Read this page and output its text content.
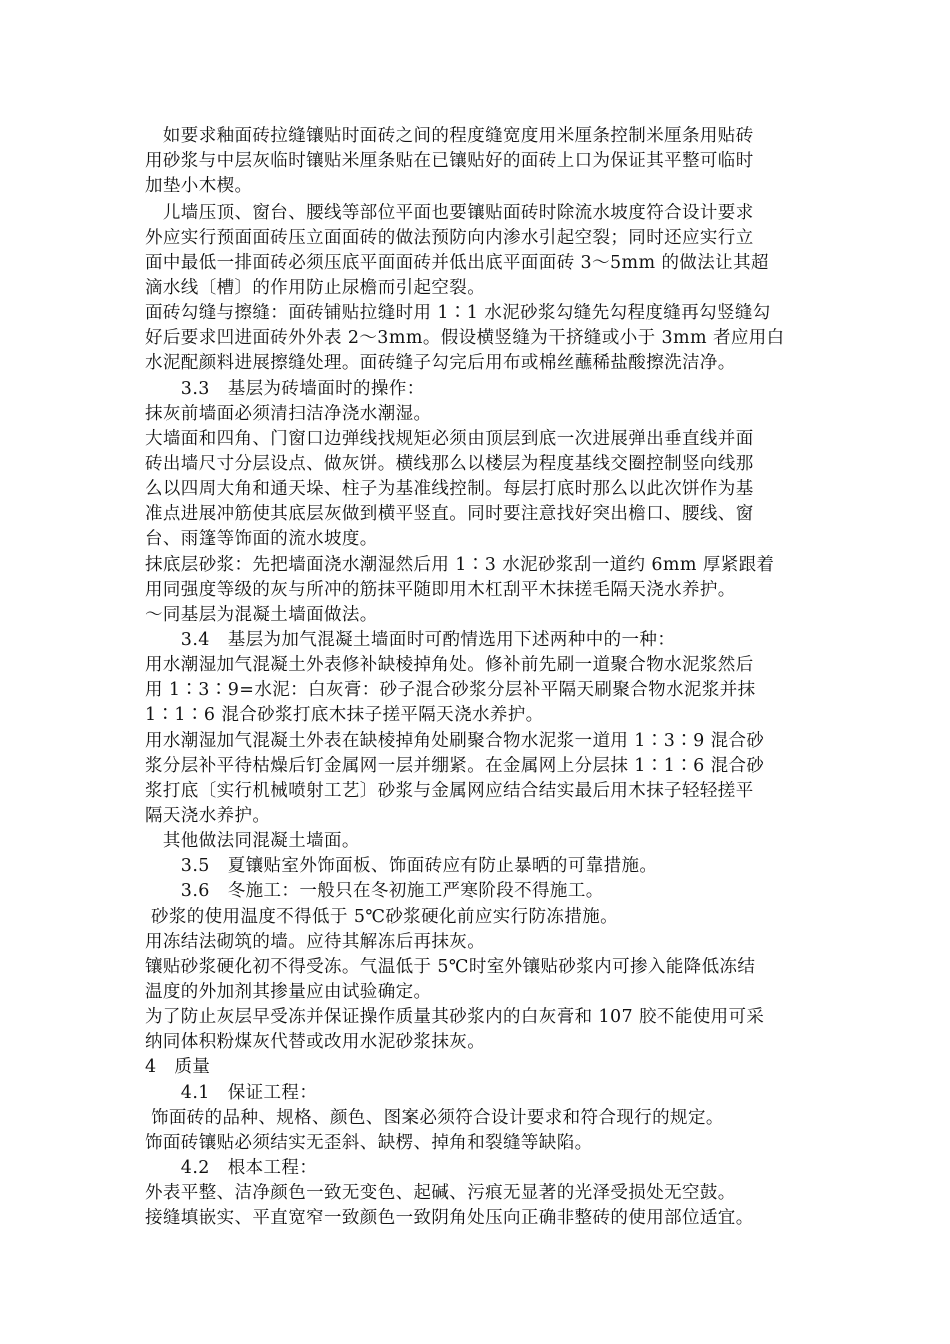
　如要求釉面砖拉缝镶贴时面砖之间的程度缝宽度用米厘条控制米厘条用贴砖
用砂浆与中层灰临时镶贴米厘条贴在已镶贴好的面砖上口为保证其平整可临时
加垫小木楔。
　儿墙压顶、窗台、腰线等部位平面也要镶贴面砖时除流水坡度符合设计要求
外应实行预面面砖压立面面砖的做法预防向内渗水引起空裂；同时还应实行立
面中最低一排面砖必须压底平面面砖并低出底平面面砖 3～5mm 的做法让其超
滴水线〔槽〕的作用防止尿檐而引起空裂。
面砖勾缝与擦缝：面砖铺贴拉缝时用 1∶1 水泥砂浆勾缝先勾程度缝再勾竖缝勾
好后要求凹进面砖外外表 2～3mm。假设横竖缝为干挤缝或小于 3mm 者应用白
水泥配颜料进展擦缝处理。面砖缝子勾完后用布或棉丝蘸稀盐酸擦洗洁净。
　　3.3　基层为砖墙面时的操作：
抹灰前墙面必须清扫洁净浇水潮湿。
大墙面和四角、门窗口边弹线找规矩必须由顶层到底一次进展弹出垂直线并面
砖出墙尺寸分层设点、做灰饼。横线那么以楼层为程度基线交圈控制竖向线那
么以四周大角和通天垛、柱子为基准线控制。每层打底时那么以此次饼作为基
准点进展冲筋使其底层灰做到横平竖直。同时要注意找好突出檐口、腰线、窗
台、雨篷等饰面的流水坡度。
抹底层砂浆：先把墙面浇水潮湿然后用 1∶3 水泥砂浆刮一道约 6mm 厚紧跟着
用同强度等级的灰与所冲的筋抹平随即用木杠刮平木抹搓毛隔天浇水养护。
～同基层为混凝土墙面做法。
　　3.4　基层为加气混凝土墙面时可酌情选用下述两种中的一种：
用水潮湿加气混凝土外表修补缺棱掉角处。修补前先刷一道聚合物水泥浆然后
用 1∶3∶9=水泥：白灰膏：砂子混合砂浆分层补平隔天刷聚合物水泥浆并抹
1∶1∶6 混合砂浆打底木抹子搓平隔天浇水养护。
用水潮湿加气混凝土外表在缺棱掉角处刷聚合物水泥浆一道用 1∶3∶9 混合砂
浆分层补平待枯燥后钉金属网一层并绷紧。在金属网上分层抹 1∶1∶6 混合砂
浆打底〔实行机械喷射工艺〕砂浆与金属网应结合结实最后用木抹子轻轻搓平
隔天浇水养护。
　其他做法同混凝土墙面。
　　3.5　夏镶贴室外饰面板、饰面砖应有防止暴晒的可靠措施。
　　3.6　冬施工：一般只在冬初施工严寒阶段不得施工。
砂浆的使用温度不得低于 5℃砂浆硬化前应实行防冻措施。
用冻结法砌筑的墙。应待其解冻后再抹灰。
镶贴砂浆硬化初不得受冻。气温低于 5℃时室外镶贴砂浆内可掺入能降低冻结
温度的外加剂其掺量应由试验确定。
为了防止灰层早受冻并保证操作质量其砂浆内的白灰膏和 107 胶不能使用可采
纳同体积粉煤灰代替或改用水泥砂浆抹灰。
4　质量
　　4.1　保证工程：
饰面砖的品种、规格、颜色、图案必须符合设计要求和符合现行的规定。
饰面砖镶贴必须结实无歪斜、缺楞、掉角和裂缝等缺陷。
　　4.2　根本工程：
外表平整、洁净颜色一致无变色、起碱、污痕无显著的光泽受损处无空鼓。
接缝填嵌实、平直宽窄一致颜色一致阴角处压向正确非整砖的使用部位适宜。
